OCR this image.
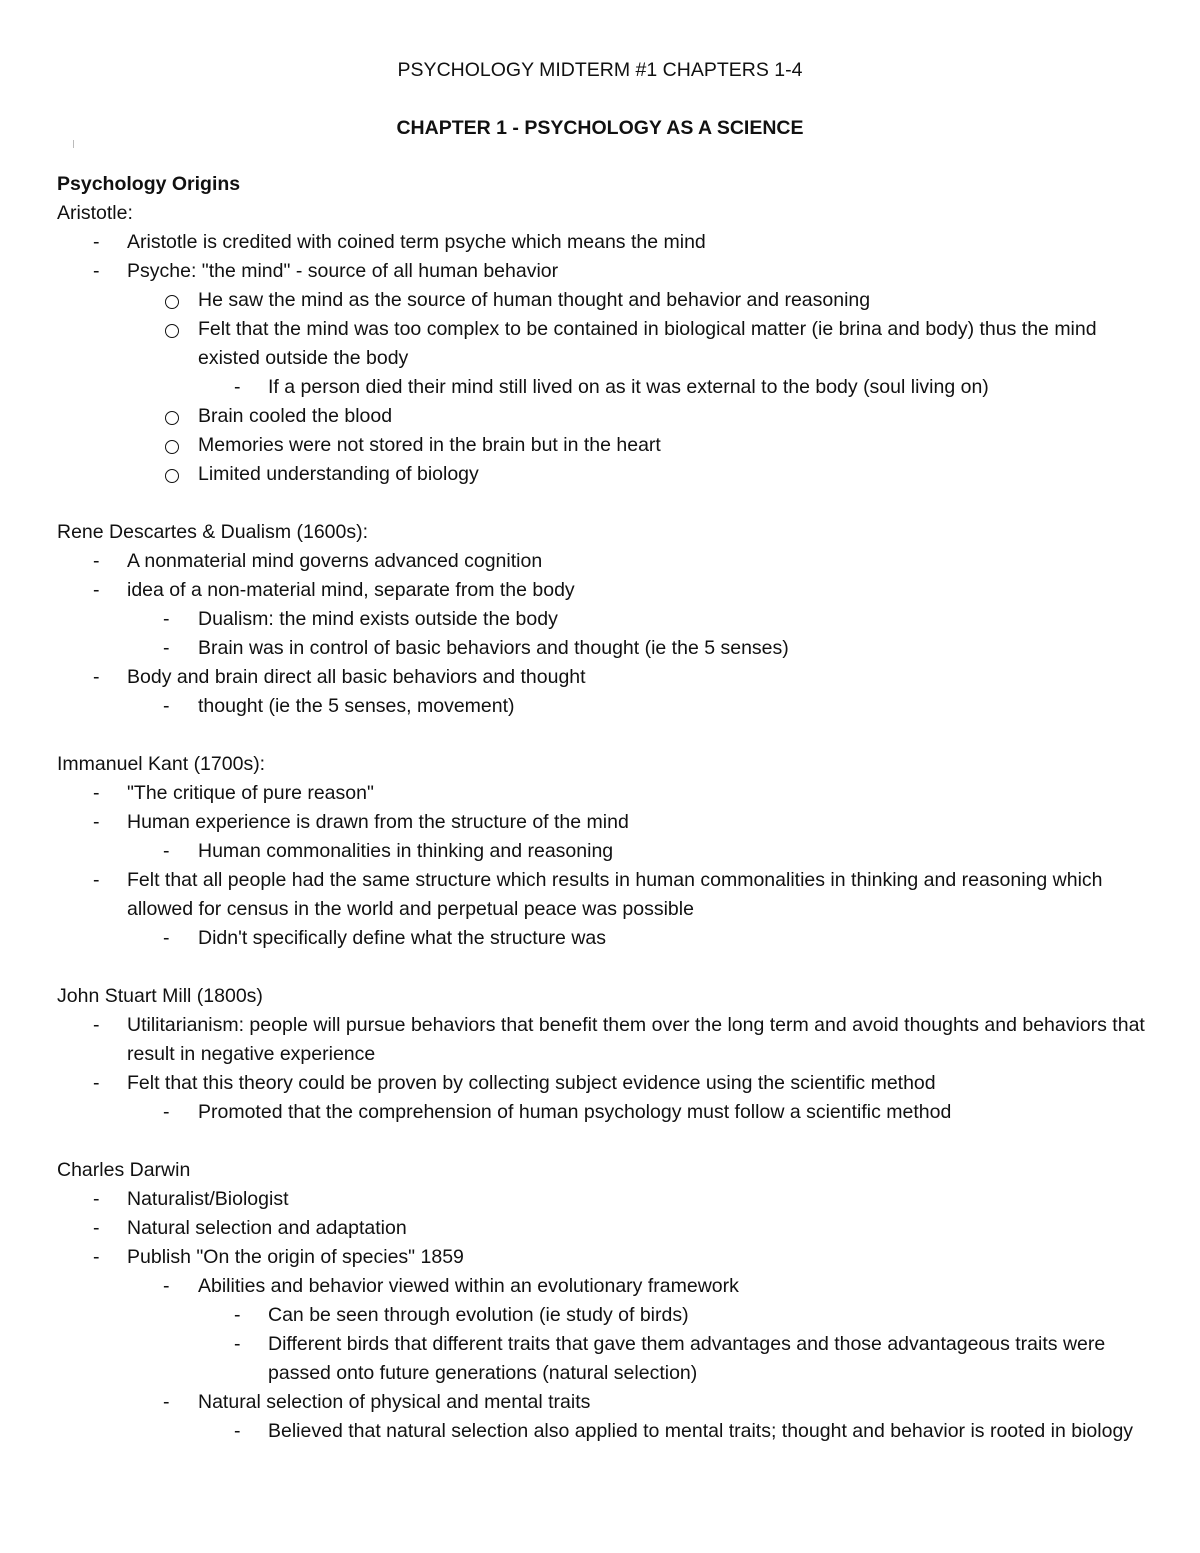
PSYCHOLOGY MIDTERM #1 CHAPTERS 1-4
CHAPTER 1 - PSYCHOLOGY AS A SCIENCE
Psychology Origins
Aristotle:
-	Aristotle is credited with coined term psyche which means the mind
-	Psyche: "the mind" - source of all human behavior
He saw the mind as the source of human thought and behavior and reasoning
Felt that the mind was too complex to be contained in biological matter (ie brina and body) thus the mind existed outside the body
-	If a person died their mind still lived on as it was external to the body (soul living on)
Brain cooled the blood
Memories were not stored in the brain but in the heart
Limited understanding of biology
Rene Descartes & Dualism (1600s):
-	A nonmaterial mind governs advanced cognition
-	idea of a non-material mind, separate from the body
-	Dualism: the mind exists outside the body
-	Brain was in control of basic behaviors and thought (ie the 5 senses)
-	Body and brain direct all basic behaviors and thought
-	thought (ie the 5 senses, movement)
Immanuel Kant (1700s):
-	"The critique of pure reason"
-	Human experience is drawn from the structure of the mind
-	Human commonalities in thinking and reasoning
-	Felt that all people had the same structure which results in human commonalities in thinking and reasoning which allowed for census in the world and perpetual peace was possible
-	Didn't specifically define what the structure was
John Stuart Mill (1800s)
-	Utilitarianism: people will pursue behaviors that benefit them over the long term and avoid thoughts and behaviors that result in negative experience
-	Felt that this theory could be proven by collecting subject evidence using the scientific method
-	Promoted that the comprehension of human psychology must follow a scientific method
Charles Darwin
-	Naturalist/Biologist
-	Natural selection and adaptation
-	Publish "On the origin of species" 1859
-	Abilities and behavior viewed within an evolutionary framework
-	Can be seen through evolution (ie study of birds)
-	Different birds that different traits that gave them advantages and those advantageous traits were passed onto future generations (natural selection)
-	Natural selection of physical and mental traits
-	Believed that natural selection also applied to mental traits; thought and behavior is rooted in biology
